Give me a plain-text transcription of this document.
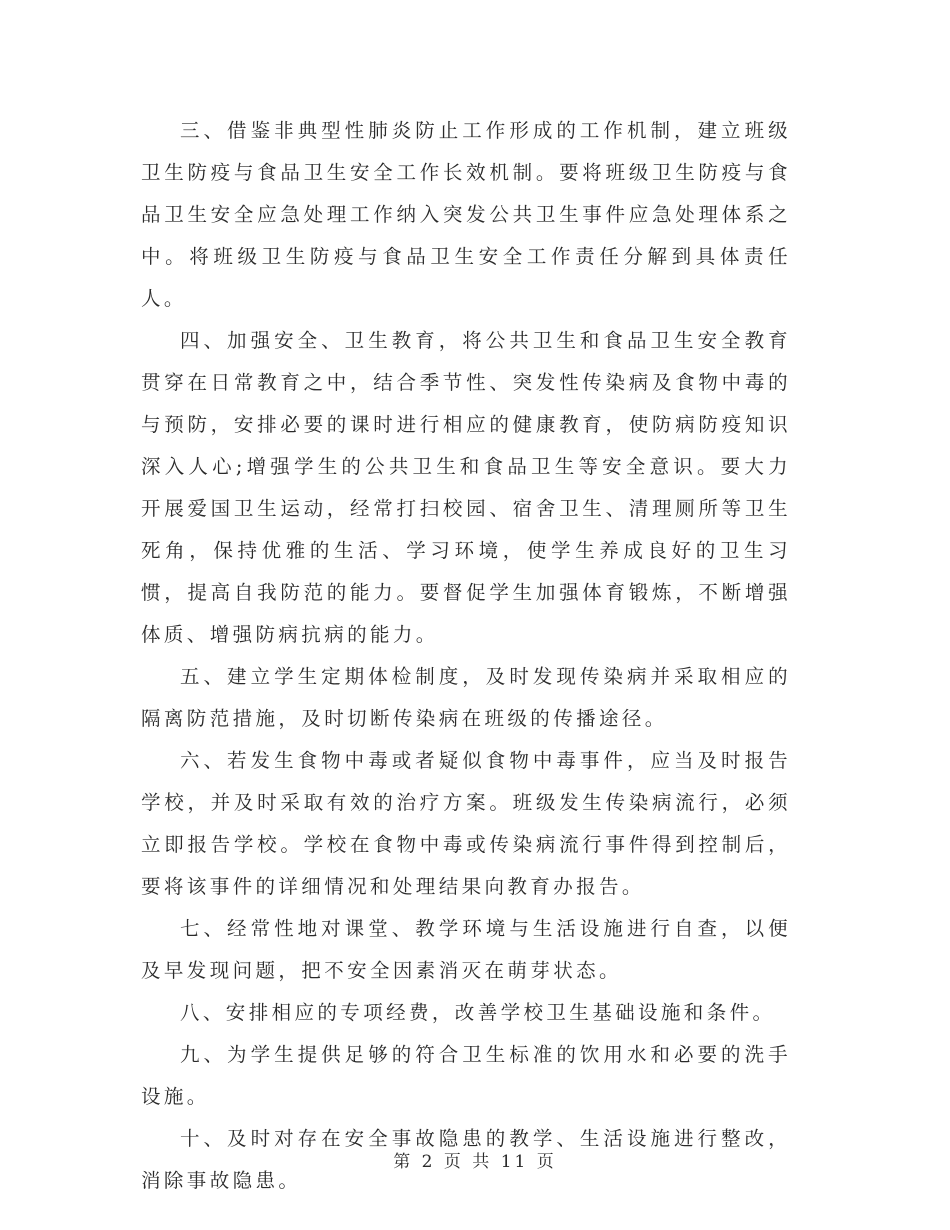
三、借鉴非典型性肺炎防止工作形成的工作机制，建立班级卫生防疫与食品卫生安全工作长效机制。要将班级卫生防疫与食品卫生安全应急处理工作纳入突发公共卫生事件应急处理体系之中。将班级卫生防疫与食品卫生安全工作责任分解到具体责任人。

四、加强安全、卫生教育，将公共卫生和食品卫生安全教育贯穿在日常教育之中，结合季节性、突发性传染病及食物中毒的与预防，安排必要的课时进行相应的健康教育，使防病防疫知识深入人心;增强学生的公共卫生和食品卫生等安全意识。要大力开展爱国卫生运动，经常打扫校园、宿舍卫生、清理厕所等卫生死角，保持优雅的生活、学习环境，使学生养成良好的卫生习惯，提高自我防范的能力。要督促学生加强体育锻炼，不断增强体质、增强防病抗病的能力。

五、建立学生定期体检制度，及时发现传染病并采取相应的隔离防范措施，及时切断传染病在班级的传播途径。

六、若发生食物中毒或者疑似食物中毒事件，应当及时报告学校，并及时采取有效的治疗方案。班级发生传染病流行，必须立即报告学校。学校在食物中毒或传染病流行事件得到控制后，要将该事件的详细情况和处理结果向教育办报告。

七、经常性地对课堂、教学环境与生活设施进行自查，以便及早发现问题，把不安全因素消灭在萌芽状态。

八、安排相应的专项经费，改善学校卫生基础设施和条件。

九、为学生提供足够的符合卫生标准的饮用水和必要的洗手设施。

十、及时对存在安全事故隐患的教学、生活设施进行整改，消除事故隐患。

第 2 页 共 11 页
